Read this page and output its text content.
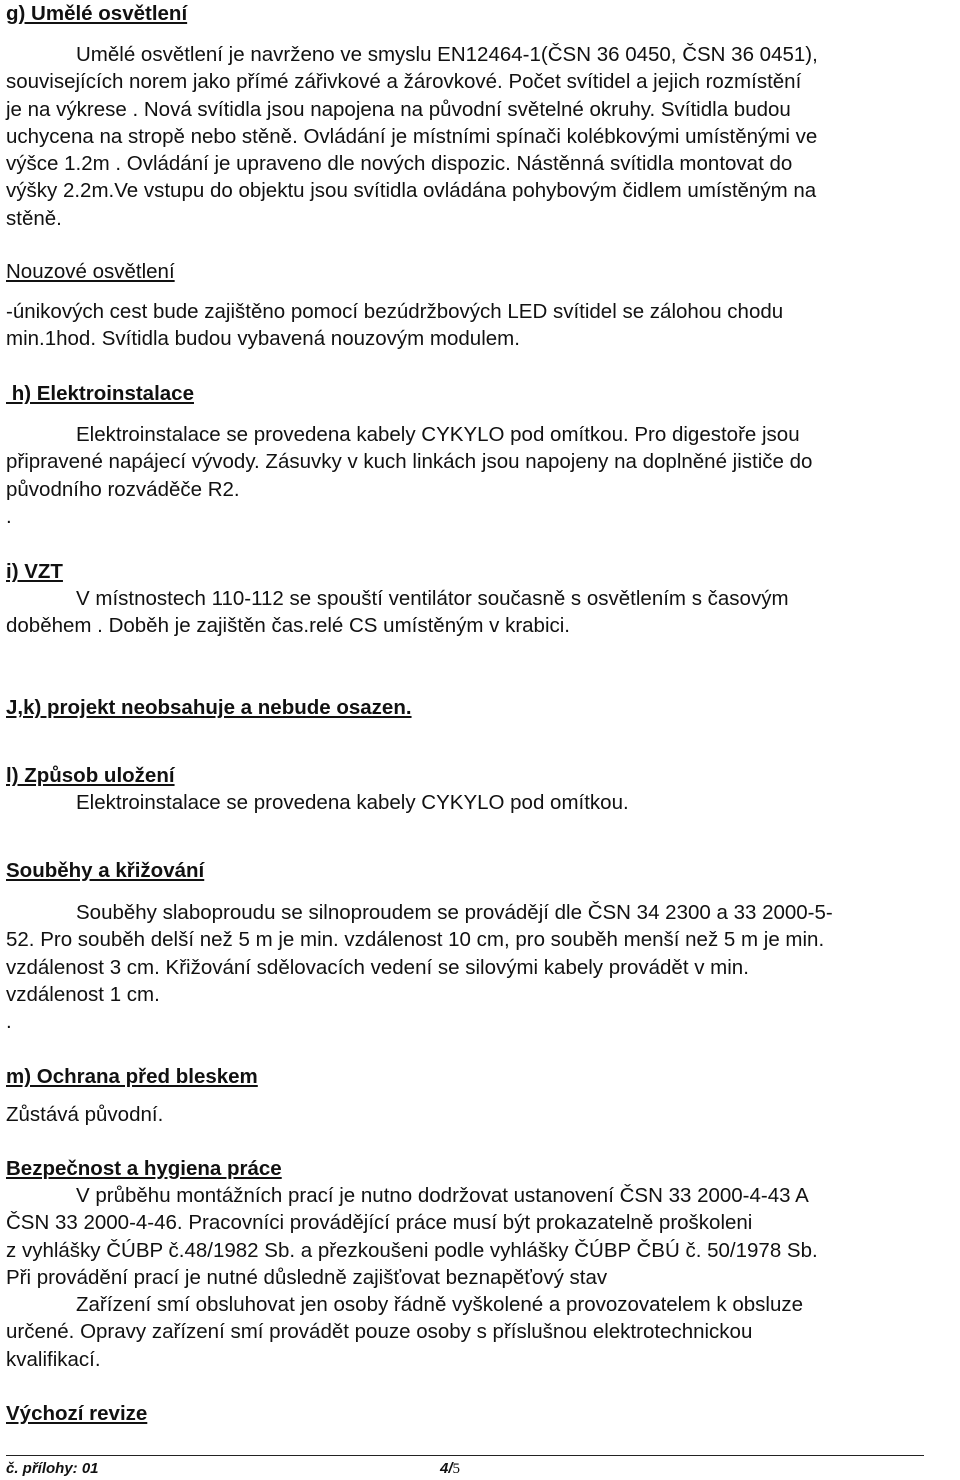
g) Umělé osvětlení
Umělé osvětlení je navrženo ve smyslu EN12464-1(ČSN 36 0450, ČSN 36 0451),
souvisejících norem jako přímé zářivkové a žárovkové. Počet svítidel a jejich rozmístění
je na výkrese . Nová svítidla jsou napojena na původní světelné okruhy. Svítidla budou
uchycena na stropě nebo stěně. Ovládání je místními spínači kolébkovými umístěnými ve
výšce 1.2m . Ovládání je upraveno dle nových dispozic. Nástěnná svítidla montovat do
výšky 2.2m.Ve vstupu do objektu jsou svítidla ovládána pohybovým čidlem umístěným na
stěně.
Nouzové osvětlení
-únikových cest bude zajištěno pomocí bezúdržbových LED svítidel se zálohou chodu
min.1hod. Svítidla budou vybavená nouzovým modulem.
h) Elektroinstalace
Elektroinstalace se provedena kabely CYKYLO pod omítkou. Pro digestoře jsou
připravené napájecí vývody. Zásuvky v kuch linkách jsou napojeny na doplněné jističe do
původního rozváděče R2.
.
i) VZT
V místnostech 110-112 se spouští ventilátor současně s osvětlením s časovým
doběhem . Doběh je zajištěn čas.relé CS umístěným v krabici.
J,k) projekt neobsahuje a nebude osazen.
l) Způsob uložení
Elektroinstalace se provedena kabely CYKYLO pod omítkou.
Souběhy a křižování
Souběhy slaboproudu se silnoproudem se provádějí dle ČSN 34 2300 a 33 2000-5-
52. Pro souběh delší než 5 m je min. vzdálenost 10 cm, pro souběh menší než 5 m je min.
vzdálenost 3 cm. Křižování sdělovacích vedení se silovými kabely provádět v min.
vzdálenost 1 cm.
.
m) Ochrana před bleskem
Zůstává původní.
Bezpečnost a hygiena práce
V průběhu montážních prací je nutno dodržovat ustanovení ČSN 33 2000-4-43 A
ČSN 33 2000-4-46. Pracovníci provádějící práce musí být prokazatelně proškoleni
z vyhlášky ČÚBP č.48/1982 Sb. a přezkoušeni podle vyhlášky ČÚBP ČBÚ č. 50/1978 Sb.
Při provádění prací je nutné důsledně zajišťovat beznapěťový stav
Zařízení smí obsluhovat jen osoby řádně vyškolené a provozovatelem k obsluze
určené. Opravy zařízení smí provádět pouze osoby s příslušnou elektrotechnickou
kvalifikací.
Výchozí revize
č. přílohy: 01	4/5
